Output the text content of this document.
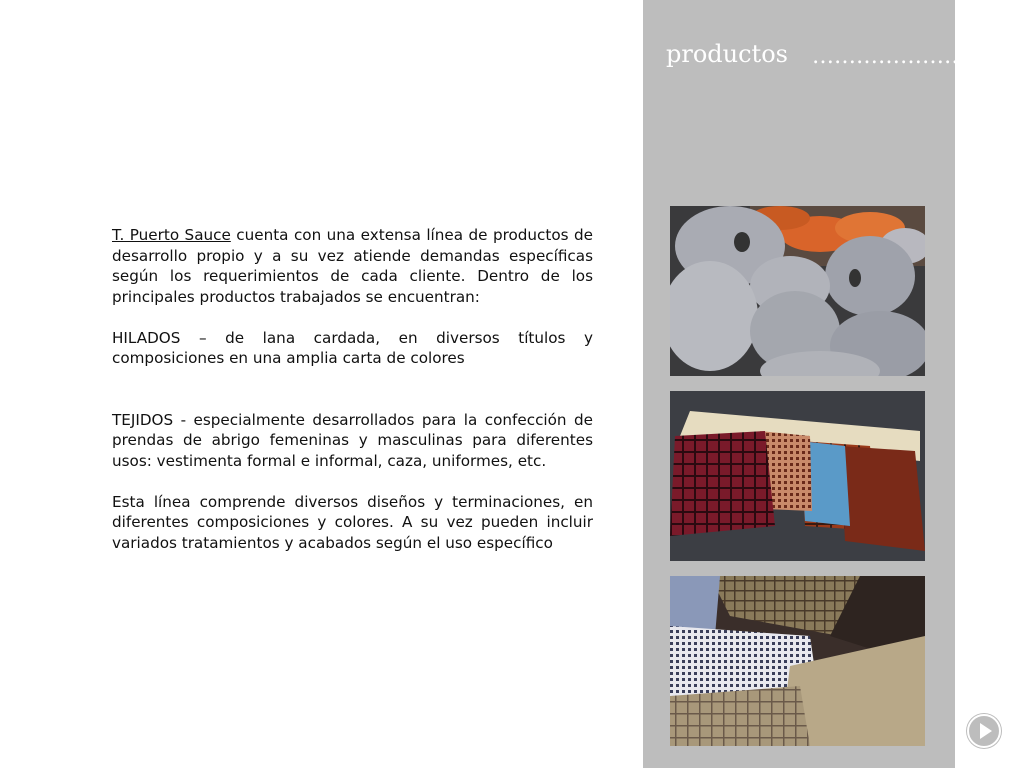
productos …………………

T. Puerto Sauce cuenta con una extensa línea de productos de desarrollo propio y a su vez atiende demandas específicas según los requerimientos de cada cliente. Dentro de los principales productos trabajados se encuentran:

HILADOS – de lana cardada, en diversos títulos y composiciones en una amplia carta de colores

TEJIDOS - especialmente desarrollados para la confección de prendas de abrigo femeninas y masculinas para diferentes usos: vestimenta formal e informal, caza, uniformes, etc.

Esta línea comprende diversos diseños y terminaciones, en diferentes composiciones y colores. A su vez pueden incluir variados tratamientos y acabados según el uso específico
